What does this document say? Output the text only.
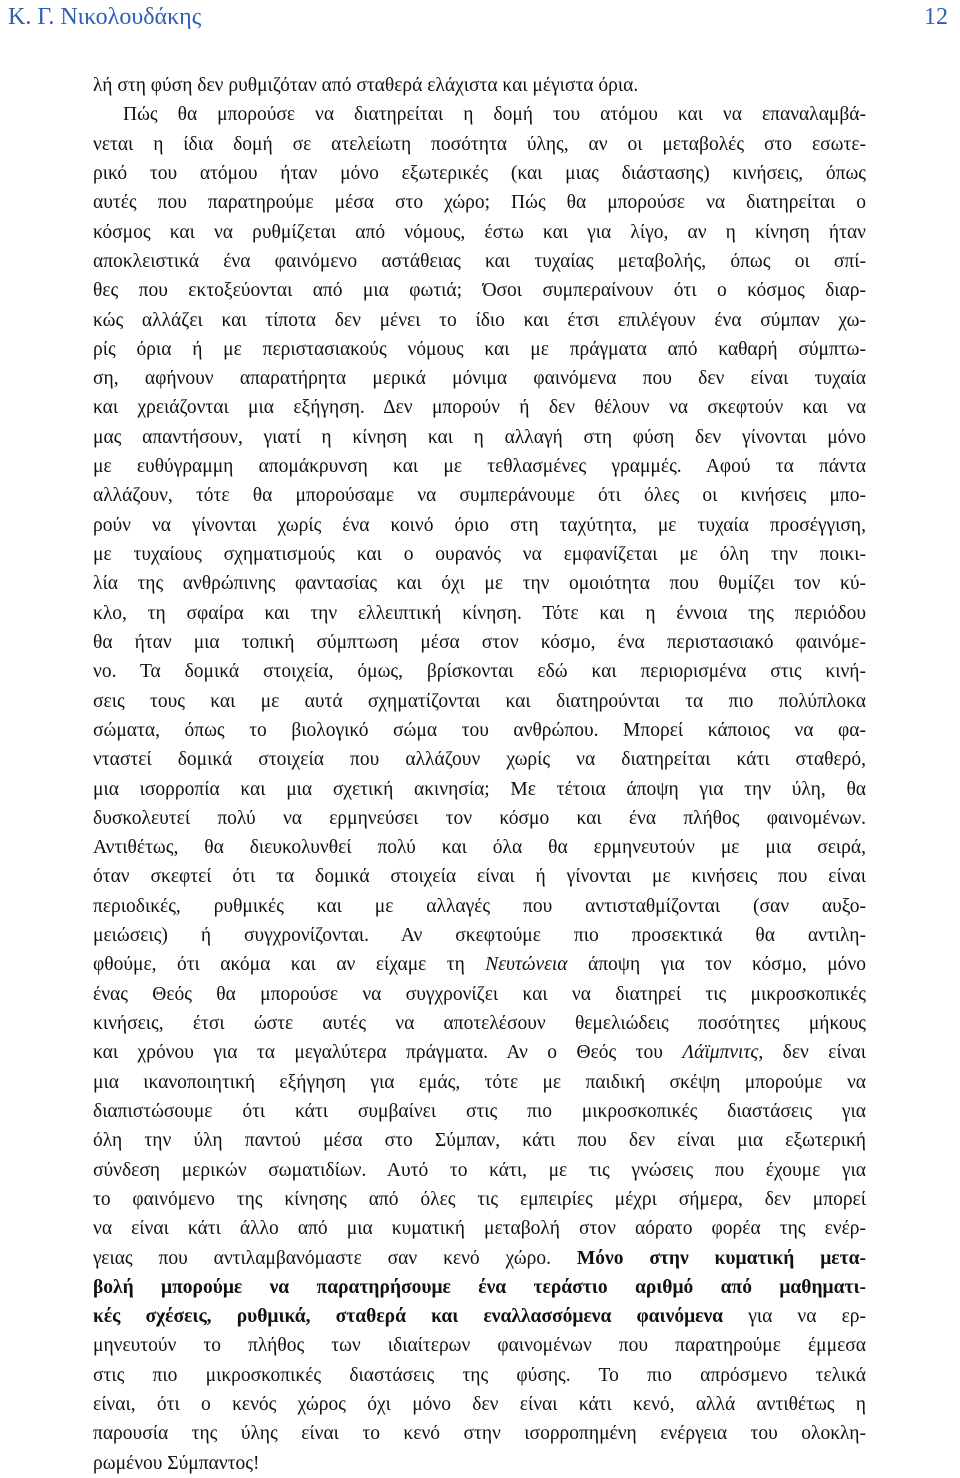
Κ. Γ. Νικολουδάκης	12
λή στη φύση δεν ρυθμιζόταν από σταθερά ελάχιστα και μέγιστα όρια.
Πώς θα μπορούσε να διατηρείται η δομή του ατόμου και να επαναλαμβά-
νεται η ίδια δομή σε ατελείωτη ποσότητα ύλης, αν οι μεταβολές στο εσωτε-
ρικό του ατόμου ήταν μόνο εξωτερικές (και μιας διάστασης) κινήσεις, όπως
αυτές που παρατηρούμε μέσα στο χώρο; Πώς θα μπορούσε να διατηρείται ο
κόσμος και να ρυθμίζεται από νόμους, έστω και για λίγο, αν η κίνηση ήταν
αποκλειστικά ένα φαινόμενο αστάθειας και τυχαίας μεταβολής, όπως οι σπί-
θες που εκτοξεύονται από μια φωτιά; Όσοι συμπεραίνουν ότι ο κόσμος διαρ-
κώς αλλάζει και τίποτα δεν μένει το ίδιο και έτσι επιλέγουν ένα σύμπαν χω-
ρίς όρια ή με περιστασιακούς νόμους και με πράγματα από καθαρή σύμπτω-
ση, αφήνουν απαρατήρητα μερικά μόνιμα φαινόμενα που δεν είναι τυχαία
και χρειάζονται μια εξήγηση. Δεν μπορούν ή δεν θέλουν να σκεφτούν και να
μας απαντήσουν, γιατί η κίνηση και η αλλαγή στη φύση δεν γίνονται μόνο
με ευθύγραμμη απομάκρυνση και με τεθλασμένες γραμμές. Αφού τα πάντα
αλλάζουν, τότε θα μπορούσαμε να συμπεράνουμε ότι όλες οι κινήσεις μπο-
ρούν να γίνονται χωρίς ένα κοινό όριο στη ταχύτητα, με τυχαία προσέγγιση,
με τυχαίους σχηματισμούς και ο ουρανός να εμφανίζεται με όλη την ποικι-
λία της ανθρώπινης φαντασίας και όχι με την ομοιότητα που θυμίζει τον κύ-
κλο, τη σφαίρα και την ελλειπτική κίνηση. Τότε και η έννοια της περιόδου
θα ήταν μια τοπική σύμπτωση μέσα στον κόσμο, ένα περιστασιακό φαινόμε-
νο. Τα δομικά στοιχεία, όμως, βρίσκονται εδώ και περιορισμένα στις κινή-
σεις τους και με αυτά σχηματίζονται και διατηρούνται τα πιο πολύπλοκα
σώματα, όπως το βιολογικό σώμα του ανθρώπου. Μπορεί κάποιος να φα-
νταστεί δομικά στοιχεία που αλλάζουν χωρίς να διατηρείται κάτι σταθερό,
μια ισορροπία και μια σχετική ακινησία; Με τέτοια άποψη για την ύλη, θα
δυσκολευτεί πολύ να ερμηνεύσει τον κόσμο και ένα πλήθος φαινομένων.
Αντιθέτως, θα διευκολυνθεί πολύ και όλα θα ερμηνευτούν με μια σειρά,
όταν σκεφτεί ότι τα δομικά στοιχεία είναι ή γίνονται με κινήσεις που είναι
περιοδικές, ρυθμικές και με αλλαγές που αντισταθμίζονται (σαν αυξο-
μειώσεις) ή συγχρονίζονται. Αν σκεφτούμε πιο προσεκτικά θα αντιλη-
φθούμε, ότι ακόμα και αν είχαμε τη Νευτώνεια άποψη για τον κόσμο, μόνο
ένας Θεός θα μπορούσε να συγχρονίζει και να διατηρεί τις μικροσκοπικές
κινήσεις, έτσι ώστε αυτές να αποτελέσουν θεμελιώδεις ποσότητες μήκους
και χρόνου για τα μεγαλύτερα πράγματα. Αν ο Θεός του Λάϊμπνιτς, δεν είναι
μια ικανοποιητική εξήγηση για εμάς, τότε με παιδική σκέψη μπορούμε να
διαπιστώσουμε ότι κάτι συμβαίνει στις πιο μικροσκοπικές διαστάσεις για
όλη την ύλη παντού μέσα στο Σύμπαν, κάτι που δεν είναι μια εξωτερική
σύνδεση μερικών σωματιδίων. Αυτό το κάτι, με τις γνώσεις που έχουμε για
το φαινόμενο της κίνησης από όλες τις εμπειρίες μέχρι σήμερα, δεν μπορεί
να είναι κάτι άλλο από μια κυματική μεταβολή στον αόρατο φορέα της ενέρ-
γειας που αντιλαμβανόμαστε σαν κενό χώρο. Μόνο στην κυματική μετα-
βολή μπορούμε να παρατηρήσουμε ένα τεράστιο αριθμό από μαθηματι-
κές σχέσεις, ρυθμικά, σταθερά και εναλλασσόμενα φαινόμενα για να ερ-
μηνευτούν το πλήθος των ιδιαίτερων φαινομένων που παρατηρούμε έμμεσα
στις πιο μικροσκοπικές διαστάσεις της φύσης. Το πιο απρόσμενο τελικά
είναι, ότι ο κενός χώρος όχι μόνο δεν είναι κάτι κενό, αλλά αντιθέτως η
παρουσία της ύλης είναι το κενό στην ισορροπημένη ενέργεια του ολοκλη-
ρωμένου Σύμπαντος!
